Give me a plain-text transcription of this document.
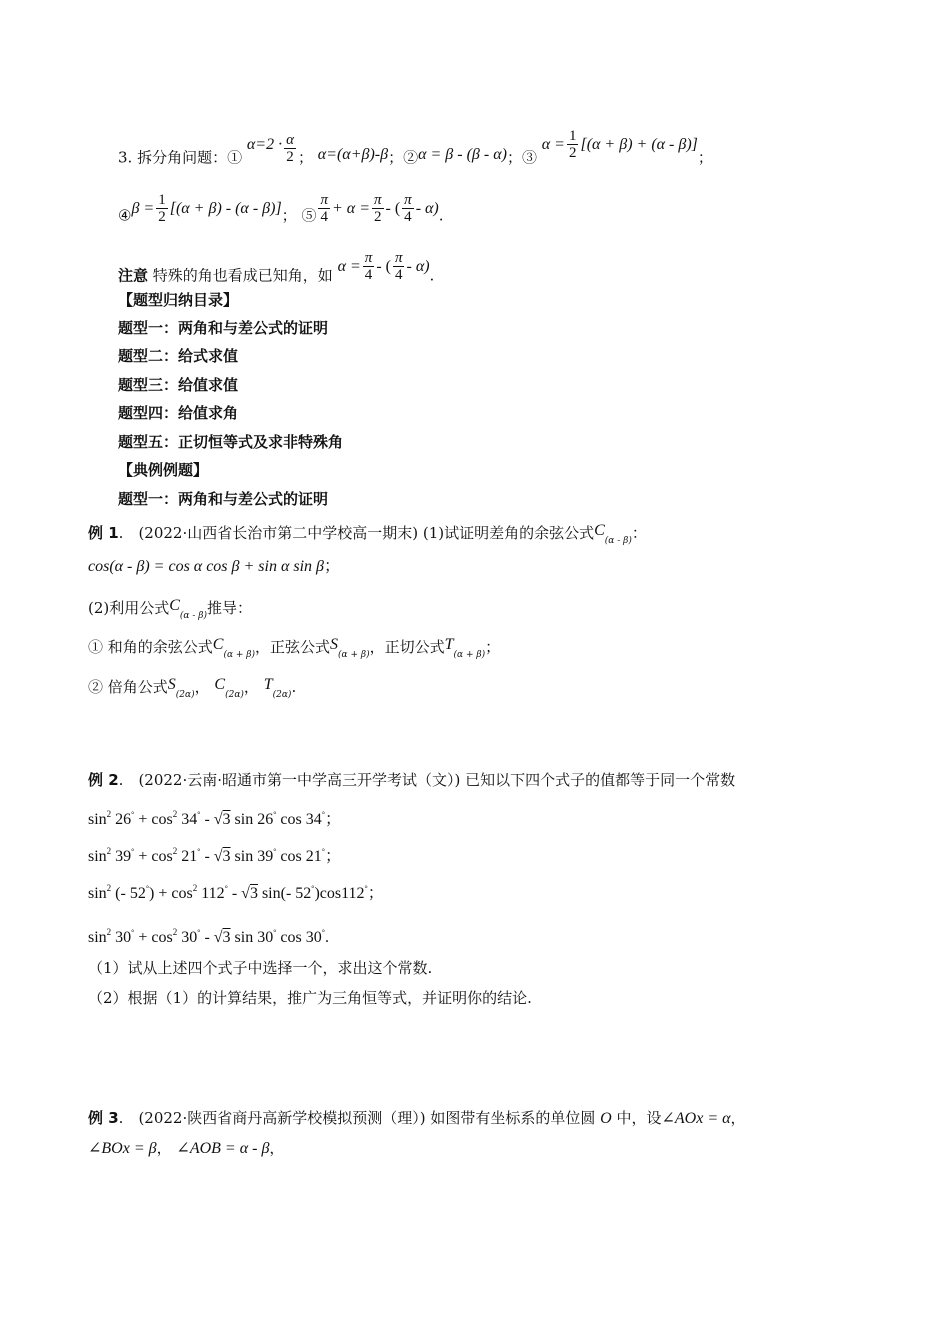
3. 拆分角问题：① $\alpha=2 \cdot \frac{\alpha}{2}$ ； α=(α+β)-β；②α = β - (β - α)；③ $\alpha = \frac{1}{2} [(\alpha + \beta) + (\alpha - \beta)]$；
④β = $\frac{1}{2} [(\alpha + \beta) - (\alpha - \beta)]$； ⑤ $\frac{\pi}{4} + \alpha = \frac{\pi}{2}$ - ( $\frac{\pi}{4} - \alpha$).
注意 特殊的角也看成已知角，如 $\alpha = \frac{\pi}{4}$ - ( $\frac{\pi}{4} - \alpha$).
【题型归纳目录】
题型一：两角和与差公式的证明
题型二：给式求值
题型三：给值求值
题型四：给值求角
题型五：正切恒等式及求非特殊角
【典例例题】
题型一：两角和与差公式的证明
例 1.　(2022·山西省长治市第二中学校高一期末) (1)试证明差角的余弦公式$C_{(\alpha - \beta)}$：
cos(α - β) = cos α cos β + sin α sin β；
(2)利用公式$C_{(\alpha - \beta)}$推导：
① 和角的余弦公式$C_{(\alpha + \beta)}$，正弦公式$S_{(\alpha + \beta)}$，正切公式$T_{(\alpha + \beta)}$；
② 倍角公式$S_{(2\alpha)}$， $C_{(2\alpha)}$， $T_{(2\alpha)}$.
例 2.　(2022·云南·昭通市第一中学高三开学考试（文）) 已知以下四个式子的值都等于同一个常数
$\sin^2 26^\circ + \cos^2 34^\circ - √3$ sin 26° cos 34°；
$\sin^2 39^\circ + \cos^2 21^\circ - √3$ sin 39° cos 21°；
$\sin^2$ (- $52^\circ) + \cos^2 112^\circ - √3$ sin(- 52°)cos112°；
$\sin^2 30^\circ + \cos^2 30^\circ - √3$ sin 30° cos 30°.
（1）试从上述四个式子中选择一个，求出这个常数.
（2）根据（1）的计算结果，推广为三角恒等式，并证明你的结论.
例 3.　(2022·陕西省商丹高新学校模拟预测（理）) 如图带有坐标系的单位圆 O 中，设∠AOx = α，
∠BOx = β， ∠AOB = α - β，
